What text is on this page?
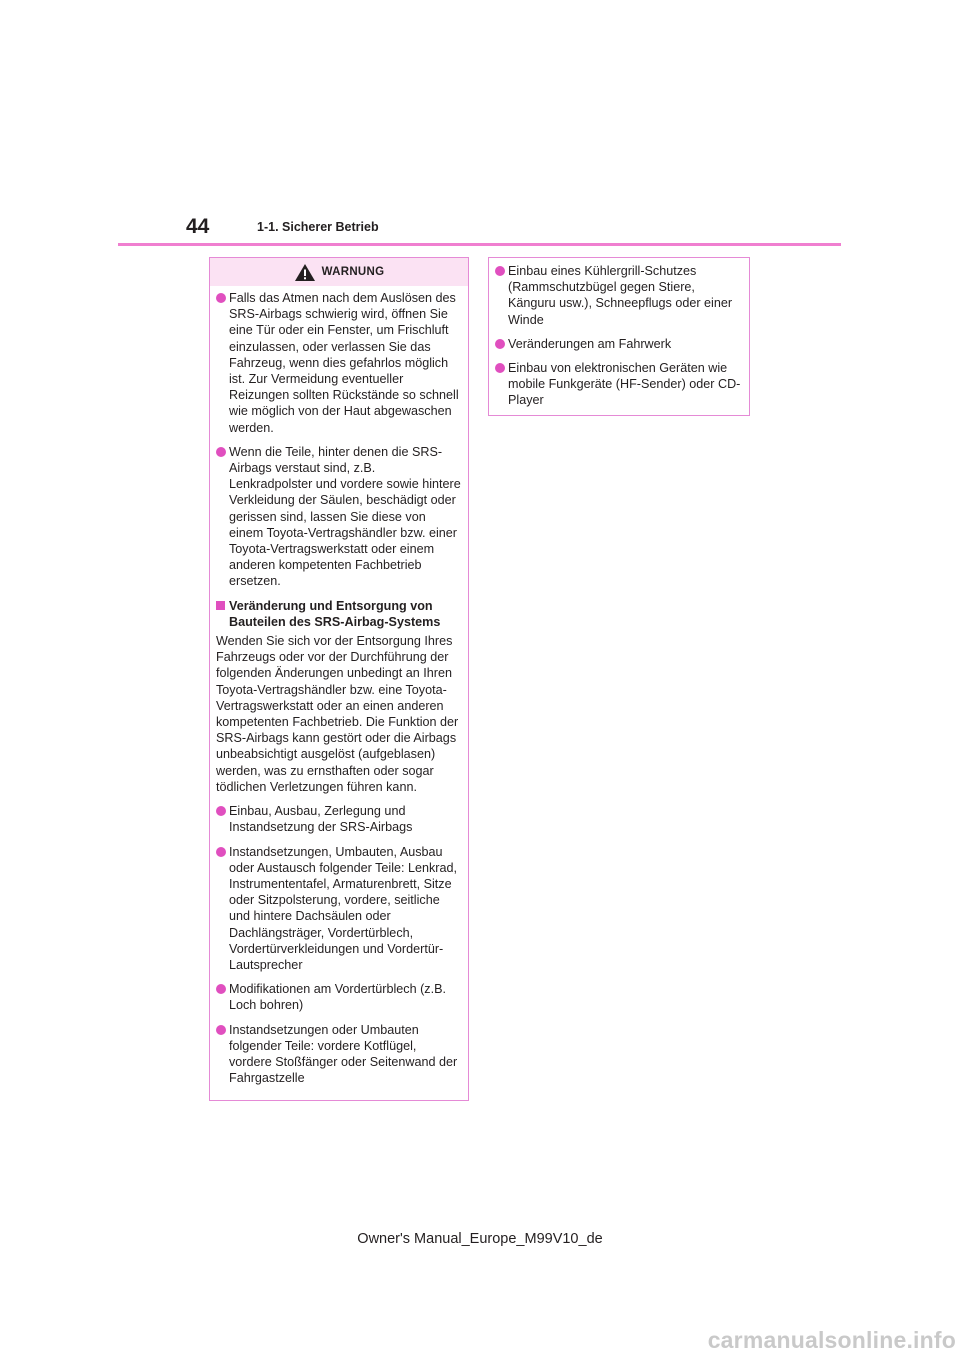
44	1-1. Sicherer Betrieb
WARNUNG
Falls das Atmen nach dem Auslösen des SRS-Airbags schwierig wird, öffnen Sie eine Tür oder ein Fenster, um Frischluft einzulassen, oder verlassen Sie das Fahrzeug, wenn dies gefahrlos möglich ist. Zur Vermeidung eventueller Reizungen sollten Rückstände so schnell wie möglich von der Haut abgewaschen werden.
Wenn die Teile, hinter denen die SRS-Airbags verstaut sind, z.B. Lenkradpolster und vordere sowie hintere Verkleidung der Säulen, beschädigt oder gerissen sind, lassen Sie diese von einem Toyota-Vertragshändler bzw. einer Toyota-Vertragswerkstatt oder einem anderen kompetenten Fachbetrieb ersetzen.
Veränderung und Entsorgung von Bauteilen des SRS-Airbag-Systems
Wenden Sie sich vor der Entsorgung Ihres Fahrzeugs oder vor der Durchführung der folgenden Änderungen unbedingt an Ihren Toyota-Vertragshändler bzw. eine Toyota-Vertragswerkstatt oder an einen anderen kompetenten Fachbetrieb. Die Funktion der SRS-Airbags kann gestört oder die Airbags unbeabsichtigt ausgelöst (aufgeblasen) werden, was zu ernsthaften oder sogar tödlichen Verletzungen führen kann.
Einbau, Ausbau, Zerlegung und Instandsetzung der SRS-Airbags
Instandsetzungen, Umbauten, Ausbau oder Austausch folgender Teile: Lenkrad, Instrumententafel, Armaturenbrett, Sitze oder Sitzpolsterung, vordere, seitliche und hintere Dachsäulen oder Dachlängsträger, Vordertürblech, Vordertürverkleidungen und Vordertür-Lautsprecher
Modifikationen am Vordertürblech (z.B. Loch bohren)
Instandsetzungen oder Umbauten folgender Teile: vordere Kotflügel, vordere Stoßfänger oder Seitenwand der Fahrgastzelle
Einbau eines Kühlergrill-Schutzes (Rammschutzbügel gegen Stiere, Känguru usw.), Schneepflugs oder einer Winde
Veränderungen am Fahrwerk
Einbau von elektronischen Geräten wie mobile Funkgeräte (HF-Sender) oder CD-Player
Owner's Manual_Europe_M99V10_de
carmanualsonline.info
